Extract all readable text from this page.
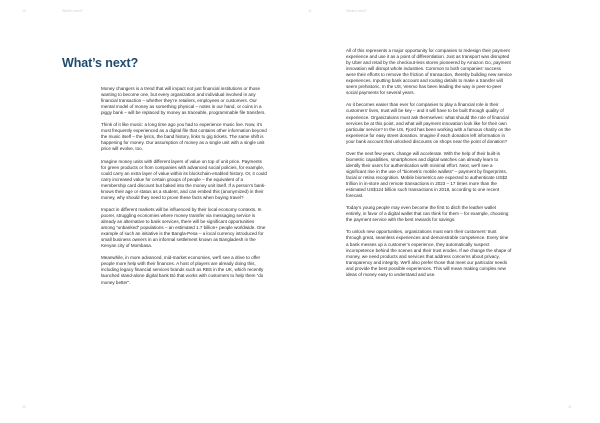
10	What’s next?	11	What’s next?
What’s next?

Money changers is a trend that will impact not just financial institutions or those wanting to become one, but every organization and individual involved in any financial transaction – whether they’re retailers, employees or customers. Our mental model of money as something physical – notes in our hand, or coins in a piggy bank – will be replaced by money as traceable, programmable file transfers.

Think of it like music: a long time ago you had to experience music live. Now, it’s most frequently experienced as a digital file that contains other information beyond the music itself – the lyrics, the band history, links to gig tickets. The same shift is happening for money. Our assumption of money as a single unit with a single unit price will evolve, too.

Imagine money units with different layers of value on top of unit price. Payments for green products or from companies with advanced social policies, for example, could carry an extra layer of value within its blockchain-enabled history. Or, it could carry increased value for certain groups of people – the equivalent of a membership card discount but baked into the money unit itself. If a person’s bank-knows their age or status as a student, and can embed this (anonymized) in their money, why should they need to prove these facts when buying travel?

Impact in different markets will be influenced by their local economy contexts. In poorer, struggling economies where money transfer via messaging service is already an alternative to bank services, there will be significant opportunities among “unbanked” populations – an estimated 1.7 billion+ people worldwide. One example of such an initiative is the Bangla-Pesa – a local currency introduced for small business owners in an informal settlement known as Bangladesh in the Kenyan city of Mombasa.

Meanwhile, in more advanced, mid-market economies, we’ll see a drive to offer people more help with their finances. A host of players are already doing this, including legacy financial services brands such as RBS in the UK, which recently launched stand-alone digital bank Bó that works with customers to help them “do money better”.

All of this represents a major opportunity for companies to redesign their payment experience and use it as a point of differentiation. Just as transport was disrupted by Uber and retail by the checkout-less stores pioneered by Amazon Go, payment innovation will disrupt whole industries. Common to both companies’ success were their efforts to remove the friction of transaction, thereby building new service experiences. Inputting bank account and routing details to make a transfer will seem prehistoric. In the US, Venmo has been leading the way in peer-to-peer social payments for several years.

As it becomes easier than ever for companies to play a financial role in their customers’ lives, trust will be key – and it will have to be built through quality of experience. Organizations must ask themselves: what should the role of financial services be at this point, and what will payment innovation look like for their own particular service? In the US, Fjord has been working with a famous charity on the experience for easy street donation. Imagine if each donation left information in your bank account that unlocked discounts on shops near the point of donation?

Over the next few years, change will accelerate. With the help of their built-in biometric capabilities, smartphones and digital watches can already learn to identify their users for authentication with minimal effort. Next, we’ll see a significant rise in the use of “biometric mobile wallets” – payment by fingerprints, facial or retina recognition. Mobile biometrics are expected to authenticate US$2 trillion in in-store and remote transactions in 2023 – 17 times more than the estimated US$124 billion such transactions in 2018, according to one recent forecast.

Today’s young people may even become the first to ditch the leather wallet entirely, in favor of a digital wallet that can think for them – for example, choosing the payment service with the best rewards for savings.

To unlock new opportunities, organizations must earn their customers’ trust through great, seamless experiences and demonstrable competence. Every time a bank messes up a customer’s experience, they automatically suspect incompetence behind the scenes and their trust erodes. If we change the shape of money, we need products and services that address concerns about privacy, transparency and integrity. We’ll also prefer those that meet our particular needs and provide the best possible experiences. This will mean making complex new ideas of money easy to understand and use.

10	11
